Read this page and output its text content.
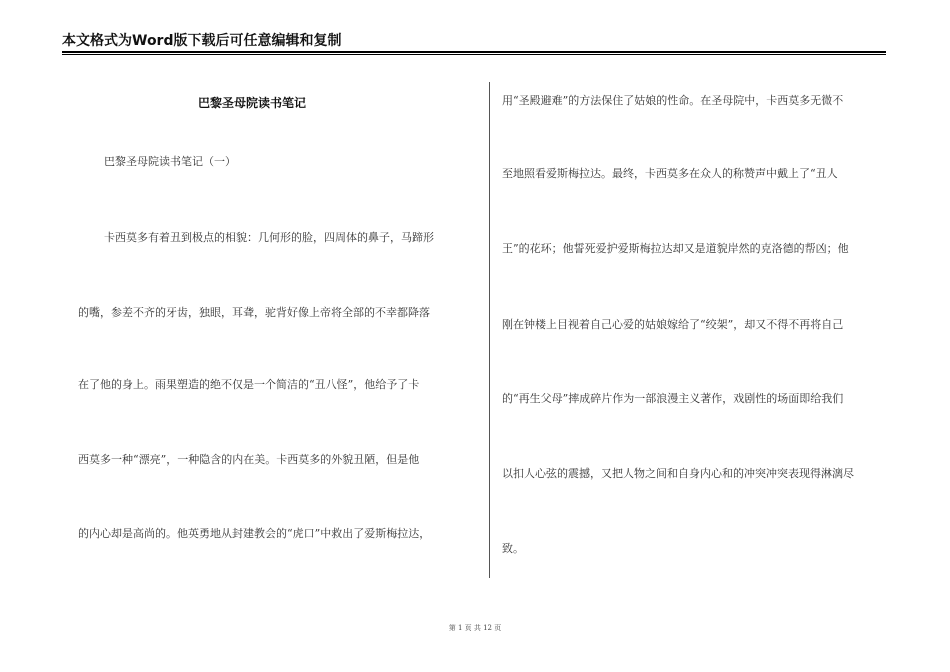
本文格式为Word版下载后可任意编辑和复制
巴黎圣母院读书笔记
巴黎圣母院读书笔记（一）
卡西莫多有着丑到极点的相貌：几何形的脸，四周体的鼻子，马蹄形
的嘴，参差不齐的牙齿，独眼，耳聋，驼背好像上帝将全部的不幸都降落
在了他的身上。雨果塑造的绝不仅是一个简洁的“丑八怪”，他给予了卡
西莫多一种“漂亮”，一种隐含的内在美。卡西莫多的外貌丑陋，但是他
的内心却是高尚的。他英勇地从封建教会的“虎口”中救出了爱斯梅拉达，
用“圣殿避难”的方法保住了姑娘的性命。在圣母院中，卡西莫多无微不
至地照看爱斯梅拉达。最终，卡西莫多在众人的称赞声中戴上了“丑人
王”的花环；他誓死爱护爱斯梅拉达却又是道貌岸然的克洛德的帮凶；他
刚在钟楼上目视着自己心爱的姑娘嫁给了“绞架”，却又不得不再将自己
的“再生父母”摔成碎片作为一部浪漫主义著作，戏剧性的场面即给我们
以扣人心弦的震撼，又把人物之间和自身内心和的冲突冲突表现得淋漓尽
致。
第 1 页 共 12 页
